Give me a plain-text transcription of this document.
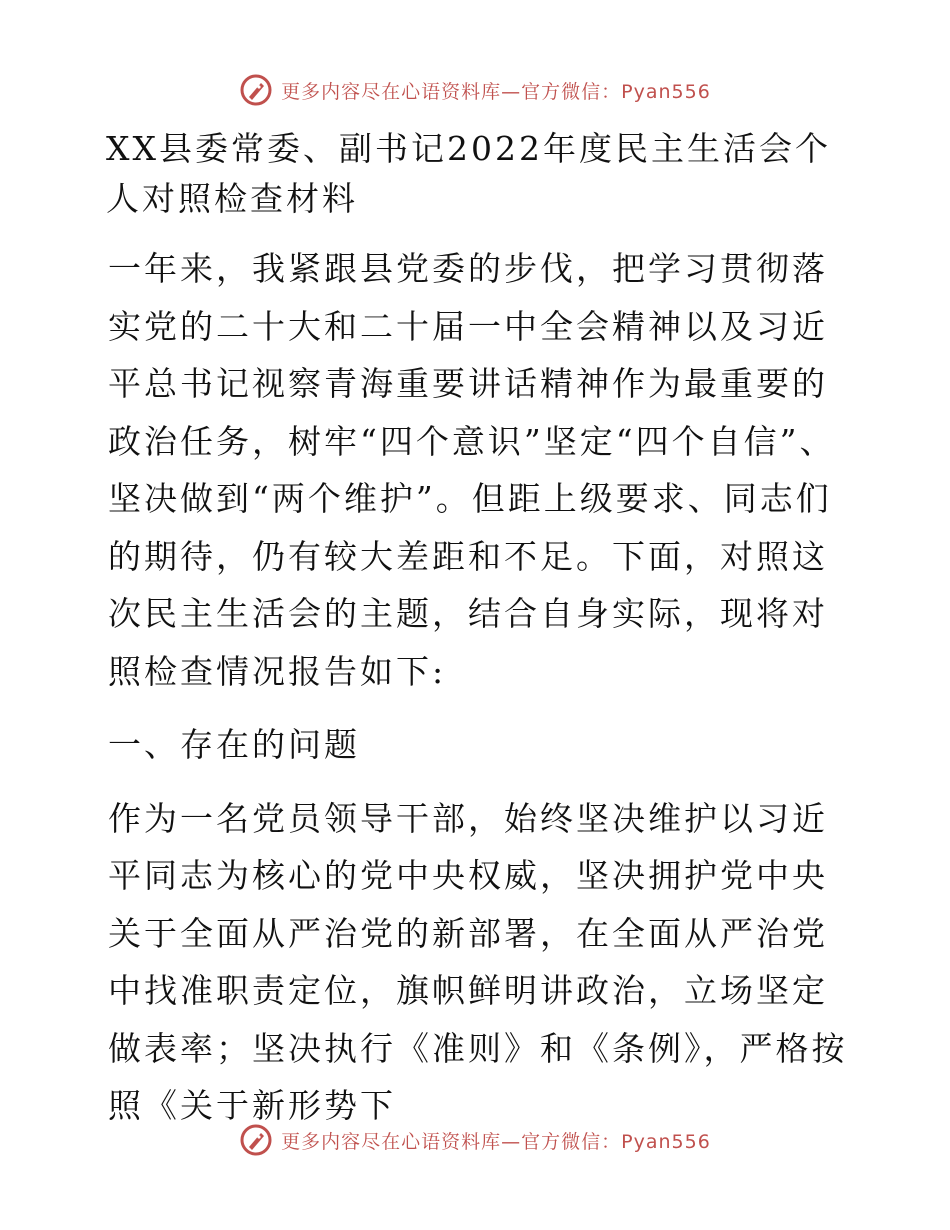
更多内容尽在心语资料库—官方微信：Pyan556
XX县委常委、副书记2022年度民主生活会个人对照检查材料

一年来，我紧跟县党委的步伐，把学习贯彻落实党的二十大和二十届一中全会精神以及习近平总书记视察青海重要讲话精神作为最重要的政治任务，树牢“四个意识”坚定“四个自信”、坚决做到“两个维护”。但距上级要求、同志们的期待，仍有较大差距和不足。下面，对照这次民主生活会的主题，结合自身实际，现将对照检查情况报告如下:

一、存在的问题

作为一名党员领导干部，始终坚决维护以习近平同志为核心的党中央权威，坚决拥护党中央关于全面从严治党的新部署，在全面从严治党中找准职责定位，旗帜鲜明讲政治，立场坚定做表率；坚决执行《准则》和《条例》，严格按照《关于新形势下

更多内容尽在心语资料库—官方微信：Pyan556
